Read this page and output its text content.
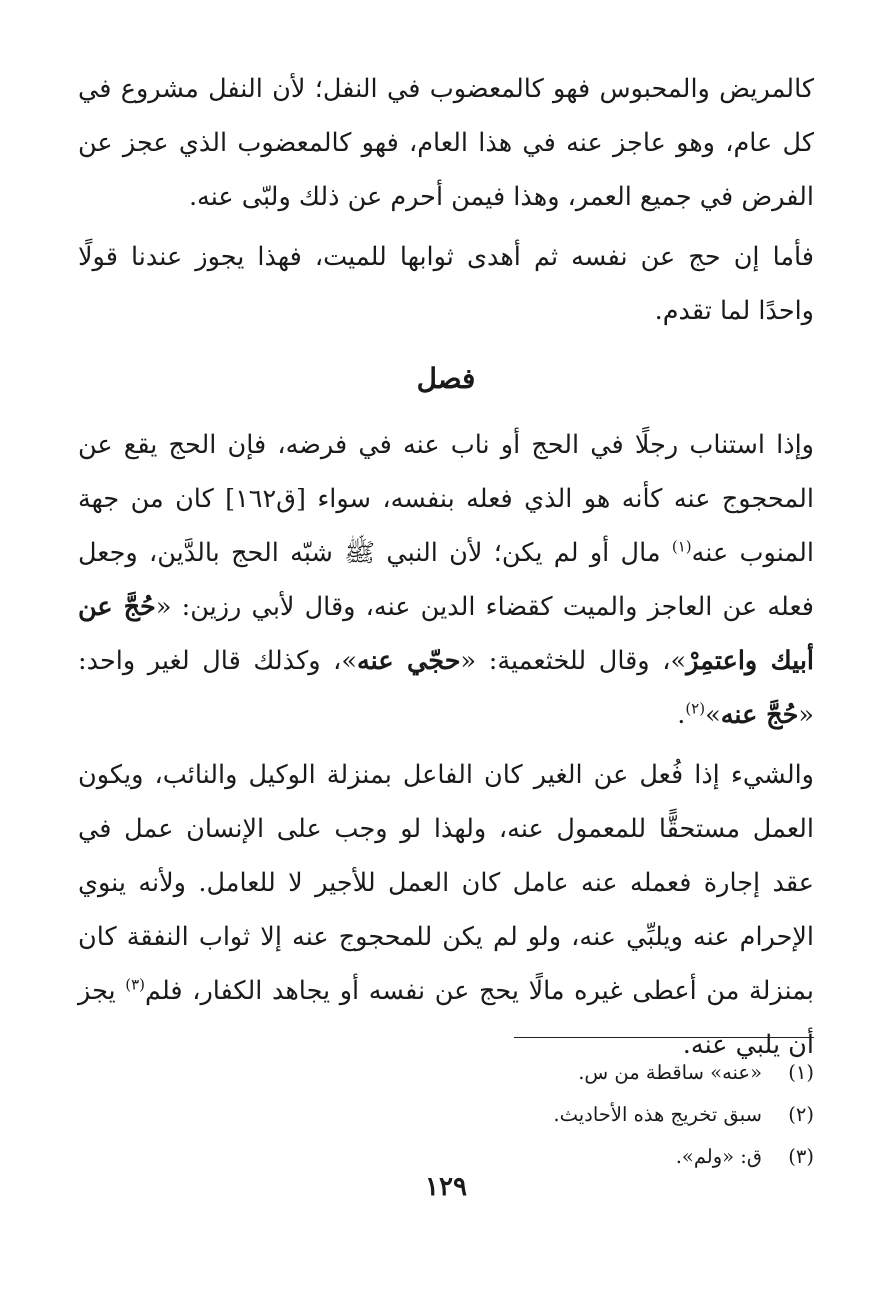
كالمريض والمحبوس فهو كالمعضوب في النفل؛ لأن النفل مشروع في كل عام، وهو عاجز عنه في هذا العام، فهو كالمعضوب الذي عجز عن الفرض في جميع العمر، وهذا فيمن أحرم عن ذلك ولبّى عنه.

فأما إن حج عن نفسه ثم أهدى ثوابها للميت، فهذا يجوز عندنا قولًا واحدًا لما تقدم.

فصل

وإذا استناب رجلًا في الحج أو ناب عنه في فرضه، فإن الحج يقع عن المحجوج عنه كأنه هو الذي فعله بنفسه، سواء [ق١٦٢] كان من جهة المنوب عنه$^{(١)}$ مال أو لم يكن؛ لأن النبي ﷺ شبّه الحج بالدَّين، وجعل فعله عن العاجز والميت كقضاء الدين عنه، وقال لأبي رزين: «حُجَّ عن أبيك واعتمِرْ»، وقال للخثعمية: «حجّي عنه»، وكذلك قال لغير واحد: «حُجَّ عنه»$^{(٢)}$.

والشيء إذا فُعل عن الغير كان الفاعل بمنزلة الوكيل والنائب، ويكون العمل مستحقًّا للمعمول عنه، ولهذا لو وجب على الإنسان عمل في عقد إجارة فعمله عنه عامل كان العمل للأجير لا للعامل. ولأنه ينوي الإحرام عنه ويلبِّي عنه، ولو لم يكن للمحجوج عنه إلا ثواب النفقة كان بمنزلة من أعطى غيره مالًا يحج عن نفسه أو يجاهد الكفار، فلم$^{(٣)}$ يجز أن يلبي عنه.

(١)«عنه» ساقطة من س.

(٢)سبق تخريج هذه الأحاديث.

(٣)ق: «ولم».

١٢٩
